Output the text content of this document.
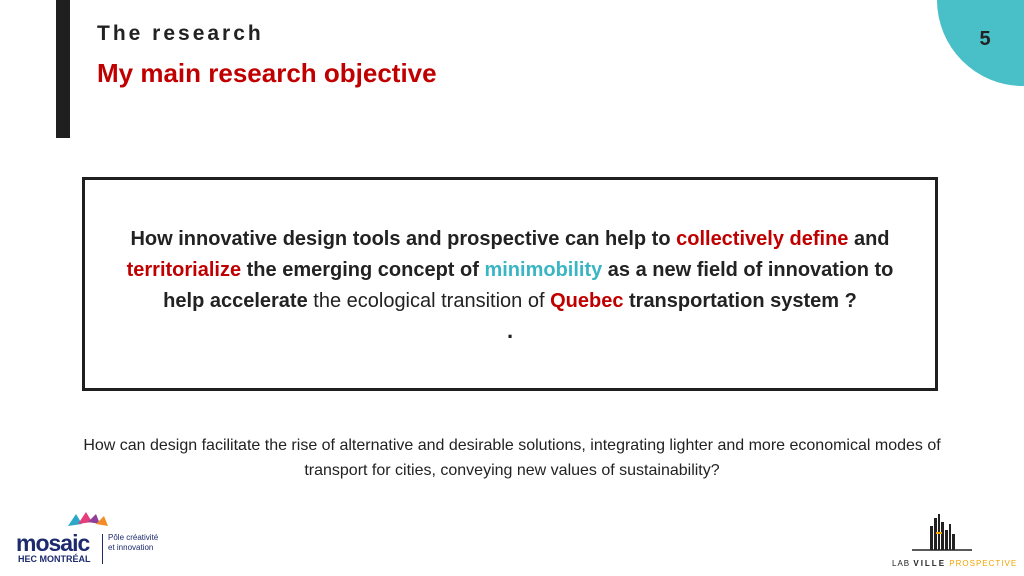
The research
My main research objective
5
How innovative design tools and prospective can help to collectively define and territorialize the emerging concept of minimobility as a new field of innovation to help accelerate the ecological transition of Quebec transportation system ?
.
How can design facilitate the rise of alternative and desirable solutions, integrating lighter and more economical modes of transport for cities, conveying new values of sustainability?
mosaic
HEC MONTRÉAL
Pôle créativité
et innovation
LAB VILLE PROSPECTIVE
